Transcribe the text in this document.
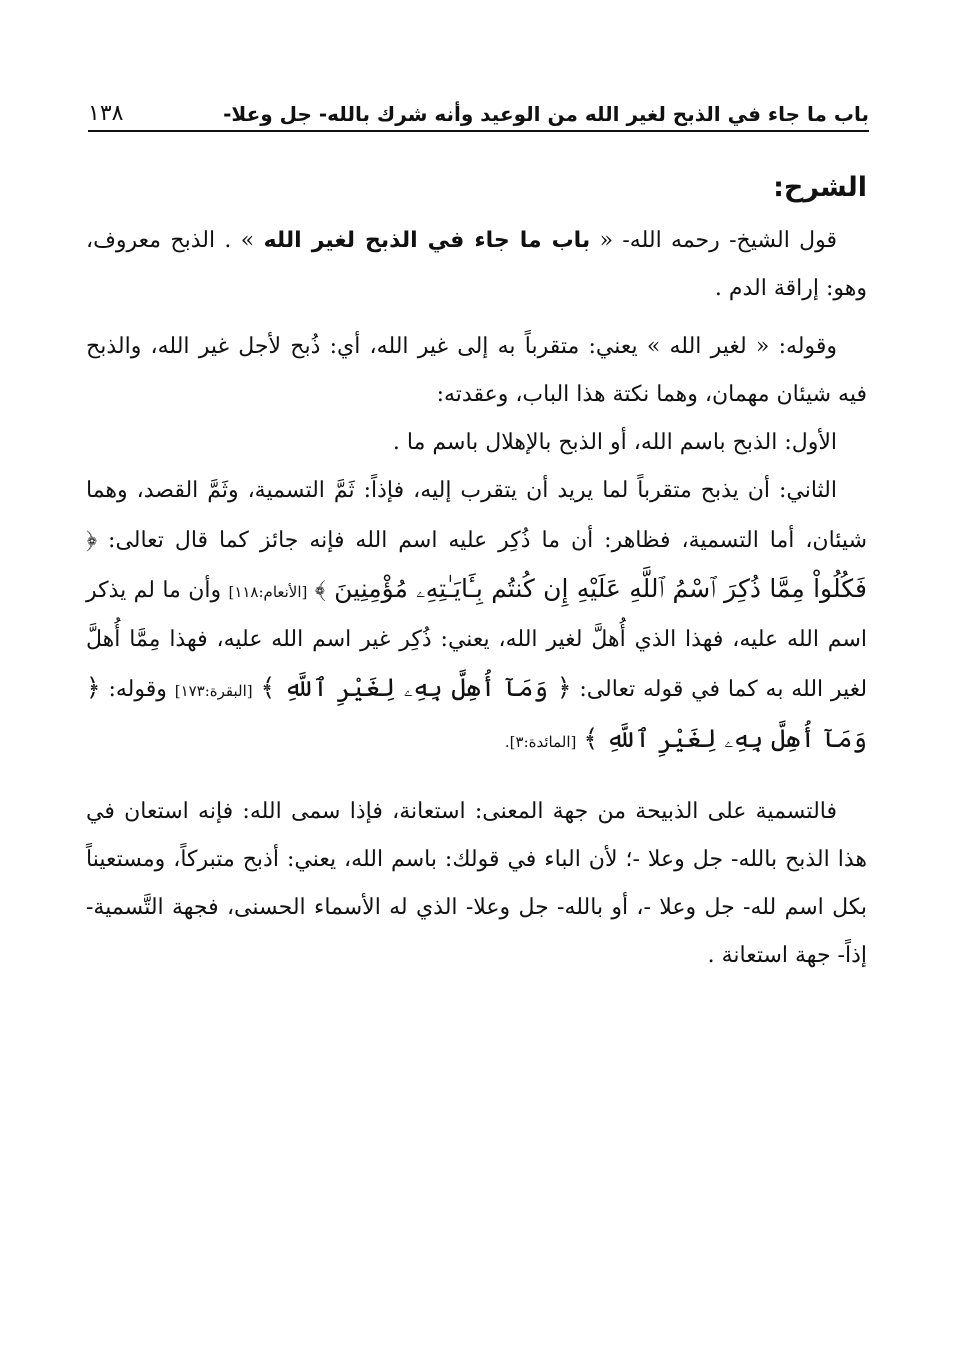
باب ما جاء في الذبح لغير الله من الوعيد وأنه شرك بالله- جل وعلا-
١٣٨
الشرح:

قول الشيخ- رحمه الله- « باب ما جاء في الذبح لغير الله » . الذبح معروف، وهو: إراقة الدم .

وقوله: « لغير الله » يعني: متقرباً به إلى غير الله، أي: ذُبح لأجل غير الله، والذبح فيه شيئان مهمان، وهما نكتة هذا الباب، وعقدته:

الأول: الذبح باسم الله، أو الذبح بالإهلال باسم ما .

الثاني: أن يذبح متقرباً لما يريد أن يتقرب إليه، فإذاً: ثَمَّ التسمية، وثَمَّ القصد، وهما شيئان، أما التسمية، فظاهر: أن ما ذُكِر عليه اسم الله فإنه جائز كما قال تعالى: ﴿ فَكُلُواْ مِمَّا ذُكِرَ ٱسْمُ ٱللَّهِ عَلَيْهِ إِن كُنتُم بِـَٔايَـٰتِهِۦ مُؤْمِنِينَ ﴾ [الأنعام:١١٨] وأن ما لم يذكر اسم الله عليه، فهذا الذي أُهلَّ لغير الله، يعني: ذُكِر غير اسم الله عليه، فهذا مِمَّا أُهلَّ لغير الله به كما في قوله تعالى: ﴿ وَمَآ أُهِلَّ بِهِۦ لِغَيْرِ ٱللَّهِ ﴾ [البقرة:١٧٣] وقوله: ﴿ وَمَآ أُهِلَّ بِهِۦ لِغَيْرِ ٱللَّهِ ﴾ [المائدة:٣].

فالتسمية على الذبيحة من جهة المعنى: استعانة، فإذا سمى الله: فإنه استعان في هذا الذبح بالله- جل وعلا -؛ لأن الباء في قولك: باسم الله، يعني: أذبح متبركاً، ومستعيناً بكل اسم لله- جل وعلا -، أو بالله- جل وعلا- الذي له الأسماء الحسنى، فجهة التَّسمية- إذاً- جهة استعانة .
